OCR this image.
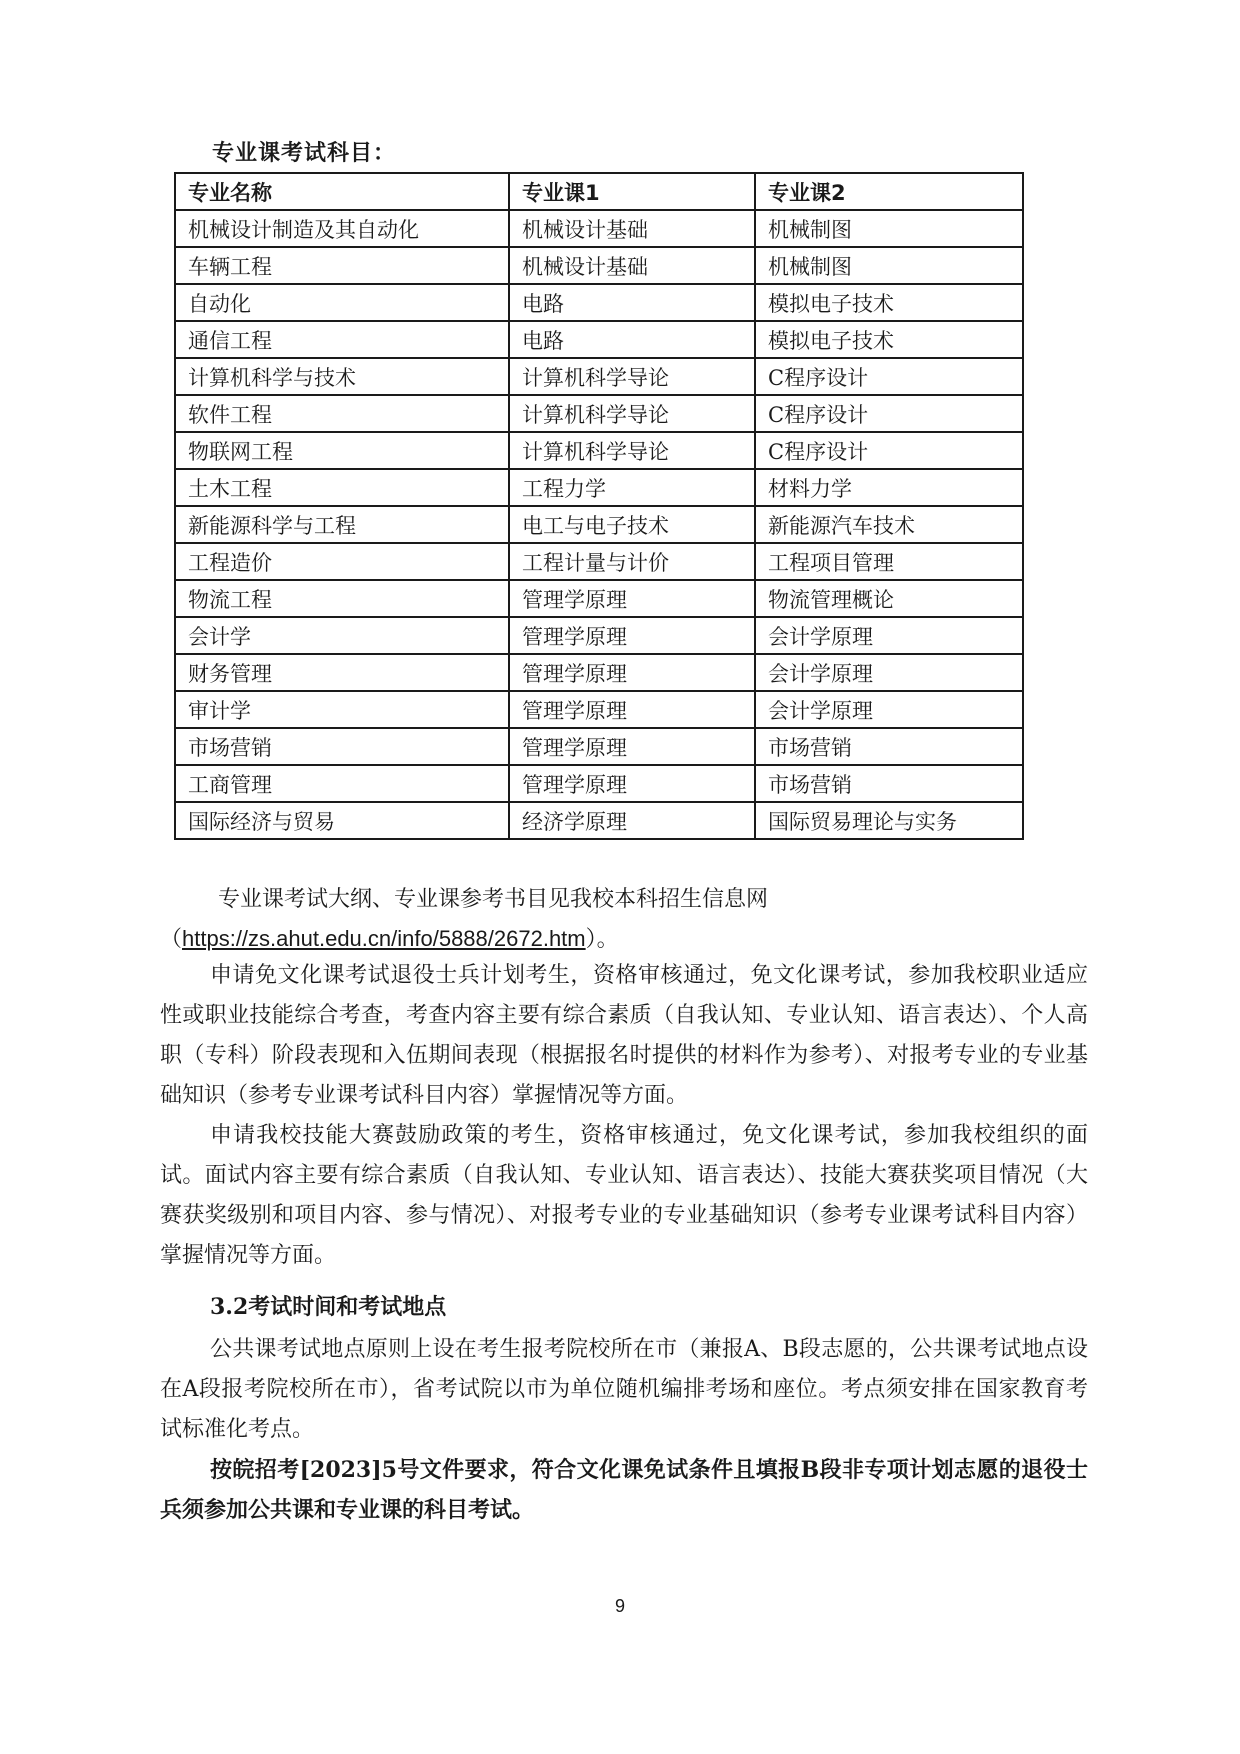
专业课考试科目：
专业名称	专业课1	专业课2
机械设计制造及其自动化	机械设计基础	机械制图
车辆工程	机械设计基础	机械制图
自动化	电路	模拟电子技术
通信工程	电路	模拟电子技术
计算机科学与技术	计算机科学导论	C程序设计
软件工程	计算机科学导论	C程序设计
物联网工程	计算机科学导论	C程序设计
土木工程	工程力学	材料力学
新能源科学与工程	电工与电子技术	新能源汽车技术
工程造价	工程计量与计价	工程项目管理
物流工程	管理学原理	物流管理概论
会计学	管理学原理	会计学原理
财务管理	管理学原理	会计学原理
审计学	管理学原理	会计学原理
市场营销	管理学原理	市场营销
工商管理	管理学原理	市场营销
国际经济与贸易	经济学原理	国际贸易理论与实务
专业课考试大纲、专业课参考书目见我校本科招生信息网
（https://zs.ahut.edu.cn/info/5888/2672.htm）。
申请免文化课考试退役士兵计划考生，资格审核通过，免文化课考试，参加我校职业适应性或职业技能综合考查，考查内容主要有综合素质（自我认知、专业认知、语言表达）、个人高职（专科）阶段表现和入伍期间表现（根据报名时提供的材料作为参考）、对报考专业的专业基础知识（参考专业课考试科目内容）掌握情况等方面。
申请我校技能大赛鼓励政策的考生，资格审核通过，免文化课考试，参加我校组织的面试。面试内容主要有综合素质（自我认知、专业认知、语言表达）、技能大赛获奖项目情况（大赛获奖级别和项目内容、参与情况）、对报考专业的专业基础知识（参考专业课考试科目内容）掌握情况等方面。
3.2考试时间和考试地点
公共课考试地点原则上设在考生报考院校所在市（兼报A、B段志愿的，公共课考试地点设在A段报考院校所在市），省考试院以市为单位随机编排考场和座位。考点须安排在国家教育考试标准化考点。
按皖招考[2023]5号文件要求，符合文化课免试条件且填报B段非专项计划志愿的退役士兵须参加公共课和专业课的科目考试。
9
